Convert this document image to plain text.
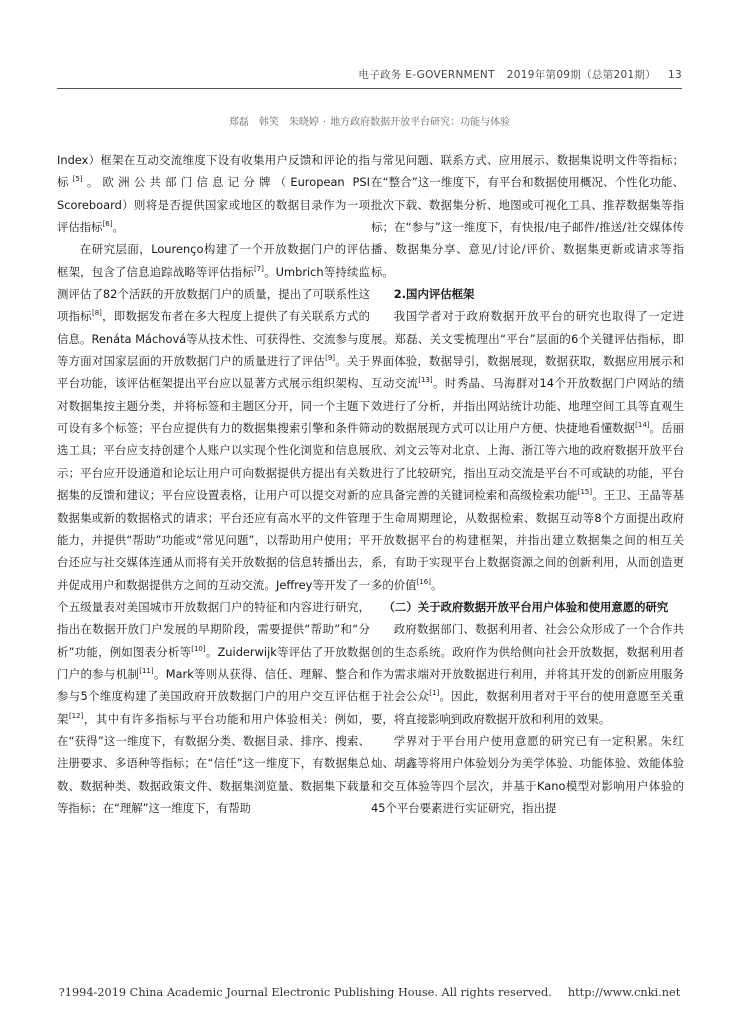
电子政务 E-GOVERNMENT 2019年第09期（总第201期） 13
郑磊　韩笑　朱晓婷 · 地方政府数据开放平台研究：功能与体验

Index）框架在互动交流维度下设有收集用户反馈和评论的指标[5]。欧洲公共部门信息记分牌（European PSI Scoreboard）则将是否提供国家或地区的数据目录作为一项评估指标[6]。

在研究层面，Lourenço构建了一个开放数据门户的评估框架，包含了信息追踪战略等评估指标[7]。Umbrich等持续监测评估了82个活跃的开放数据门户的质量，提出了可联系性这项指标[8]，即数据发布者在多大程度上提供了有关联系方式的信息。Renáta Máchová等从技术性、可获得性、交流参与度等方面对国家层面的开放数据门户的质量进行了评估[9]。关于平台功能，该评估框架提出平台应以显著方式展示组织架构、对数据集按主题分类，并将标签和主题区分开，同一个主题下可设有多个标签；平台应提供有力的数据集搜索引擎和条件筛选工具；平台应支持创建个人账户以实现个性化浏览和信息展示；平台应开设通道和论坛让用户可向数据提供方提出有关数据集的反馈和建议；平台应设置表格，让用户可以提交对新的数据集或新的数据格式的请求；平台还应有高水平的文件管理能力，并提供“帮助”功能或“常见问题”，以帮助用户使用；平台还应与社交媒体连通从而将有关开放数据的信息转播出去，并促成用户和数据提供方之间的互动交流。Jeffrey等开发了一个五级量表对美国城市开放数据门户的特征和内容进行研究，指出在数据开放门户发展的早期阶段，需要提供“帮助”和“分析”功能，例如图表分析等[10]。Zuiderwijk等评估了开放数据门户的参与机制[11]。Mark等则从获得、信任、理解、整合和参与5个维度构建了美国政府开放数据门户的用户交互评估框架[12]，其中有许多指标与平台功能和用户体验相关：例如，在“获得”这一维度下，有数据分类、数据目录、排序、搜索、注册要求、多语种等指标；在“信任”这一维度下，有数据集总数、数据种类、数据政策文件、数据集浏览量、数据集下载量等指标；在“理解”这一维度下，有帮助

与常见问题、联系方式、应用展示、数据集说明文件等指标；在“整合”这一维度下，有平台和数据使用概况、个性化功能、批次下载、数据集分析、地图或可视化工具、推荐数据集等指标；在“参与”这一维度下，有快报/电子邮件/推送/社交媒体传播、数据集分享、意见/讨论/评价、数据集更新或请求等指标。

2.国内评估框架

我国学者对于政府数据开放平台的研究也取得了一定进展。郑磊、关文雯梳理出“平台”层面的6个关键评估指标，即界面体验，数据导引，数据展现，数据获取，数据应用展示和互动交流[13]。时秀晶、马海群对14个开放数据门户网站的绩效进行了分析，并指出网站统计功能、地理空间工具等直观生动的数据展现方式可以让用户方便、快捷地看懂数据[14]。岳丽欣、刘文云等对北京、上海、浙江等六地的政府数据开放平台进行了比较研究，指出互动交流是平台不可或缺的功能，平台应具备完善的关键词检索和高级检索功能[15]。王卫、王晶等基于生命周期理论，从数据检索、数据互动等8个方面提出政府开放数据平台的构建框架，并指出建立数据集之间的相互关系，有助于实现平台上数据资源之间的创新利用，从而创造更多的价值[16]。

（二）关于政府数据开放平台用户体验和使用意愿的研究

政府数据部门、数据利用者、社会公众形成了一个合作共创的生态系统。政府作为供给侧向社会开放数据，数据利用者作为需求端对开放数据进行利用，并将其开发的创新应用服务于社会公众[1]。因此，数据利用者对于平台的使用意愿至关重要，将直接影响到政府数据开放和利用的效果。

学界对于平台用户使用意愿的研究已有一定积累。朱红灿、胡鑫等将用户体验划分为美学体验、功能体验、效能体验和交互体验等四个层次，并基于Kano模型对影响用户体验的45个平台要素进行实证研究，指出提

?1994-2019 China Academic Journal Electronic Publishing House. All rights reserved. http://www.cnki.net
